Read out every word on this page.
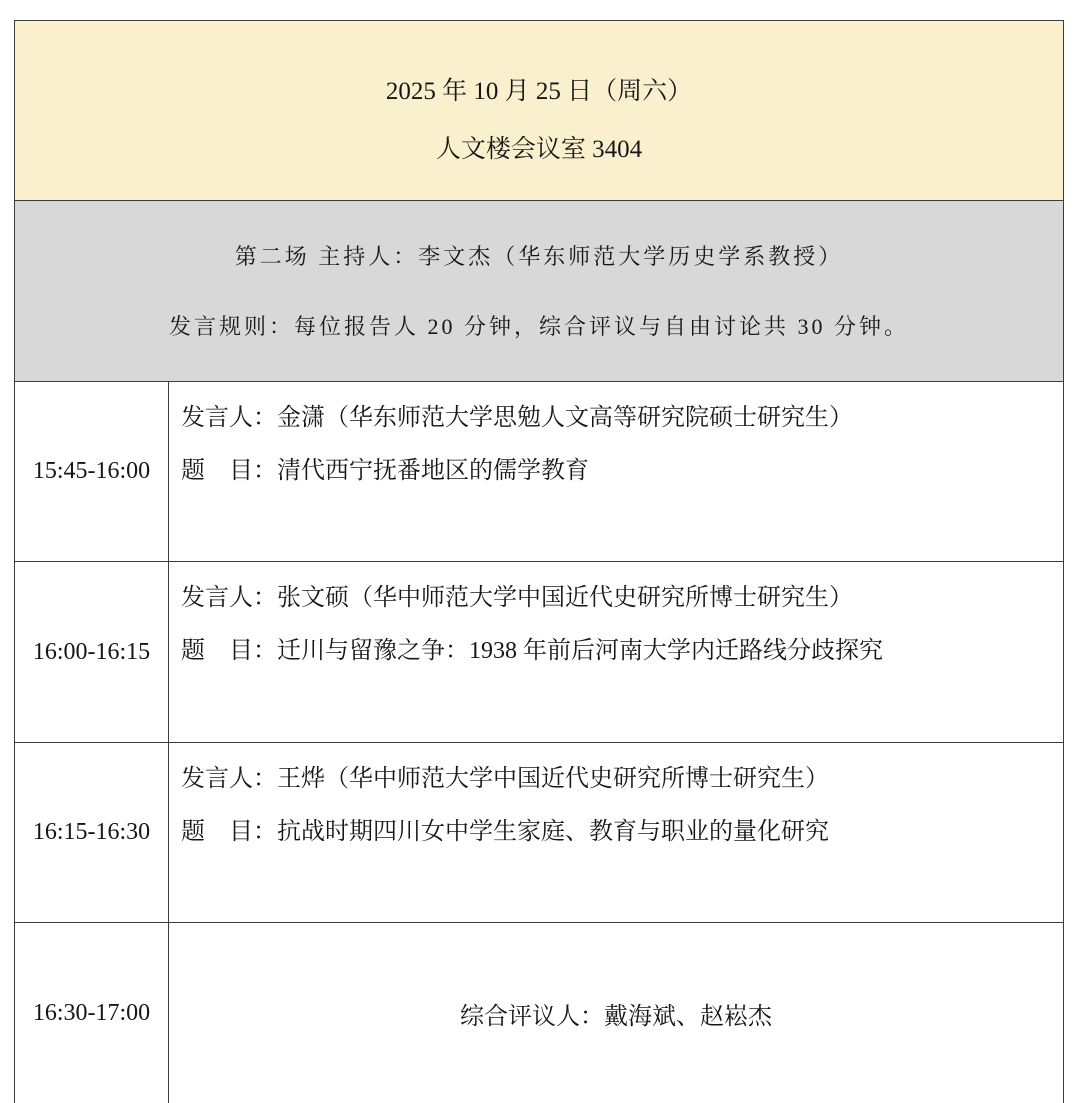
2025 年 10 月 25 日（周六）
人文楼会议室 3404
第二场 主持人：李文杰（华东师范大学历史学系教授）
发言规则：每位报告人 20 分钟，综合评议与自由讨论共 30 分钟。
15:45-16:00
发言人：金潇（华东师范大学思勉人文高等研究院硕士研究生）
题　目：清代西宁抚番地区的儒学教育
16:00-16:15
发言人：张文硕（华中师范大学中国近代史研究所博士研究生）
题　目：迁川与留豫之争：1938 年前后河南大学内迁路线分歧探究
16:15-16:30
发言人：王烨（华中师范大学中国近代史研究所博士研究生）
题　目：抗战时期四川女中学生家庭、教育与职业的量化研究
16:30-17:00	综合评议人：戴海斌、赵崧杰
